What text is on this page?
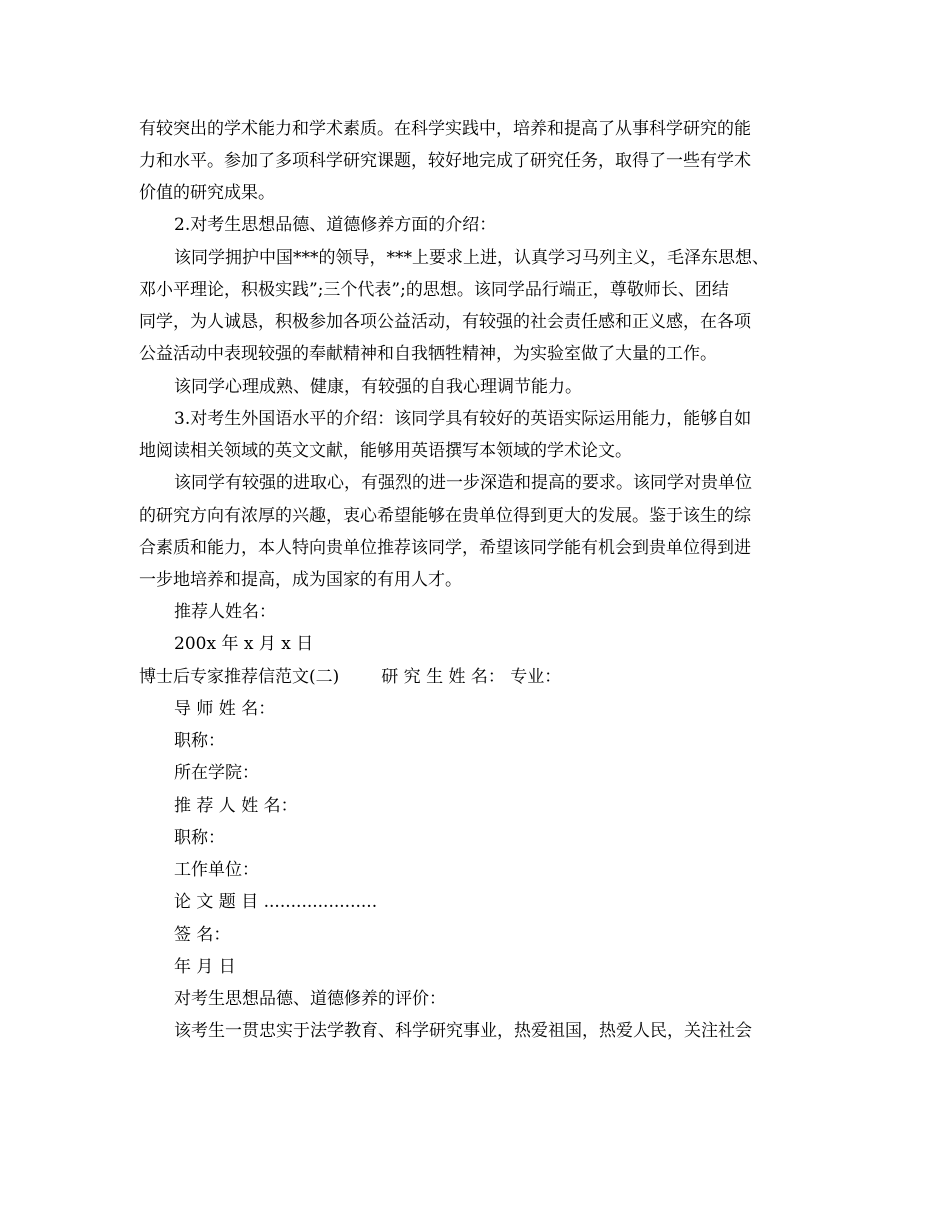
有较突出的学术能力和学术素质。在科学实践中，培养和提高了从事科学研究的能
力和水平。参加了多项科学研究课题，较好地完成了研究任务，取得了一些有学术
价值的研究成果。
2.对考生思想品德、道德修养方面的介绍：
该同学拥护中国***的领导，***上要求上进，认真学习马列主义，毛泽东思想、
邓小平理论，积极实践”;三个代表”;的思想。该同学品行端正，尊敬师长、团结
同学，为人诚恳，积极参加各项公益活动，有较强的社会责任感和正义感，在各项
公益活动中表现较强的奉献精神和自我牺牲精神，为实验室做了大量的工作。
该同学心理成熟、健康，有较强的自我心理调节能力。
3.对考生外国语水平的介绍：该同学具有较好的英语实际运用能力，能够自如
地阅读相关领域的英文文献，能够用英语撰写本领域的学术论文。
该同学有较强的进取心，有强烈的进一步深造和提高的要求。该同学对贵单位
的研究方向有浓厚的兴趣，衷心希望能够在贵单位得到更大的发展。鉴于该生的综
合素质和能力，本人特向贵单位推荐该同学，希望该同学能有机会到贵单位得到进
一步地培养和提高，成为国家的有用人才。
推荐人姓名：
200x 年 x 月 x 日
博士后专家推荐信范文(二) 研 究 生 姓 名： 专业：
导 师 姓 名：
职称：
所在学院：
推 荐 人 姓 名：
职称：
工作单位：
论 文 题 目 .....................
签 名：
年 月 日
对考生思想品德、道德修养的评价：
该考生一贯忠实于法学教育、科学研究事业，热爱祖国，热爱人民，关注社会
